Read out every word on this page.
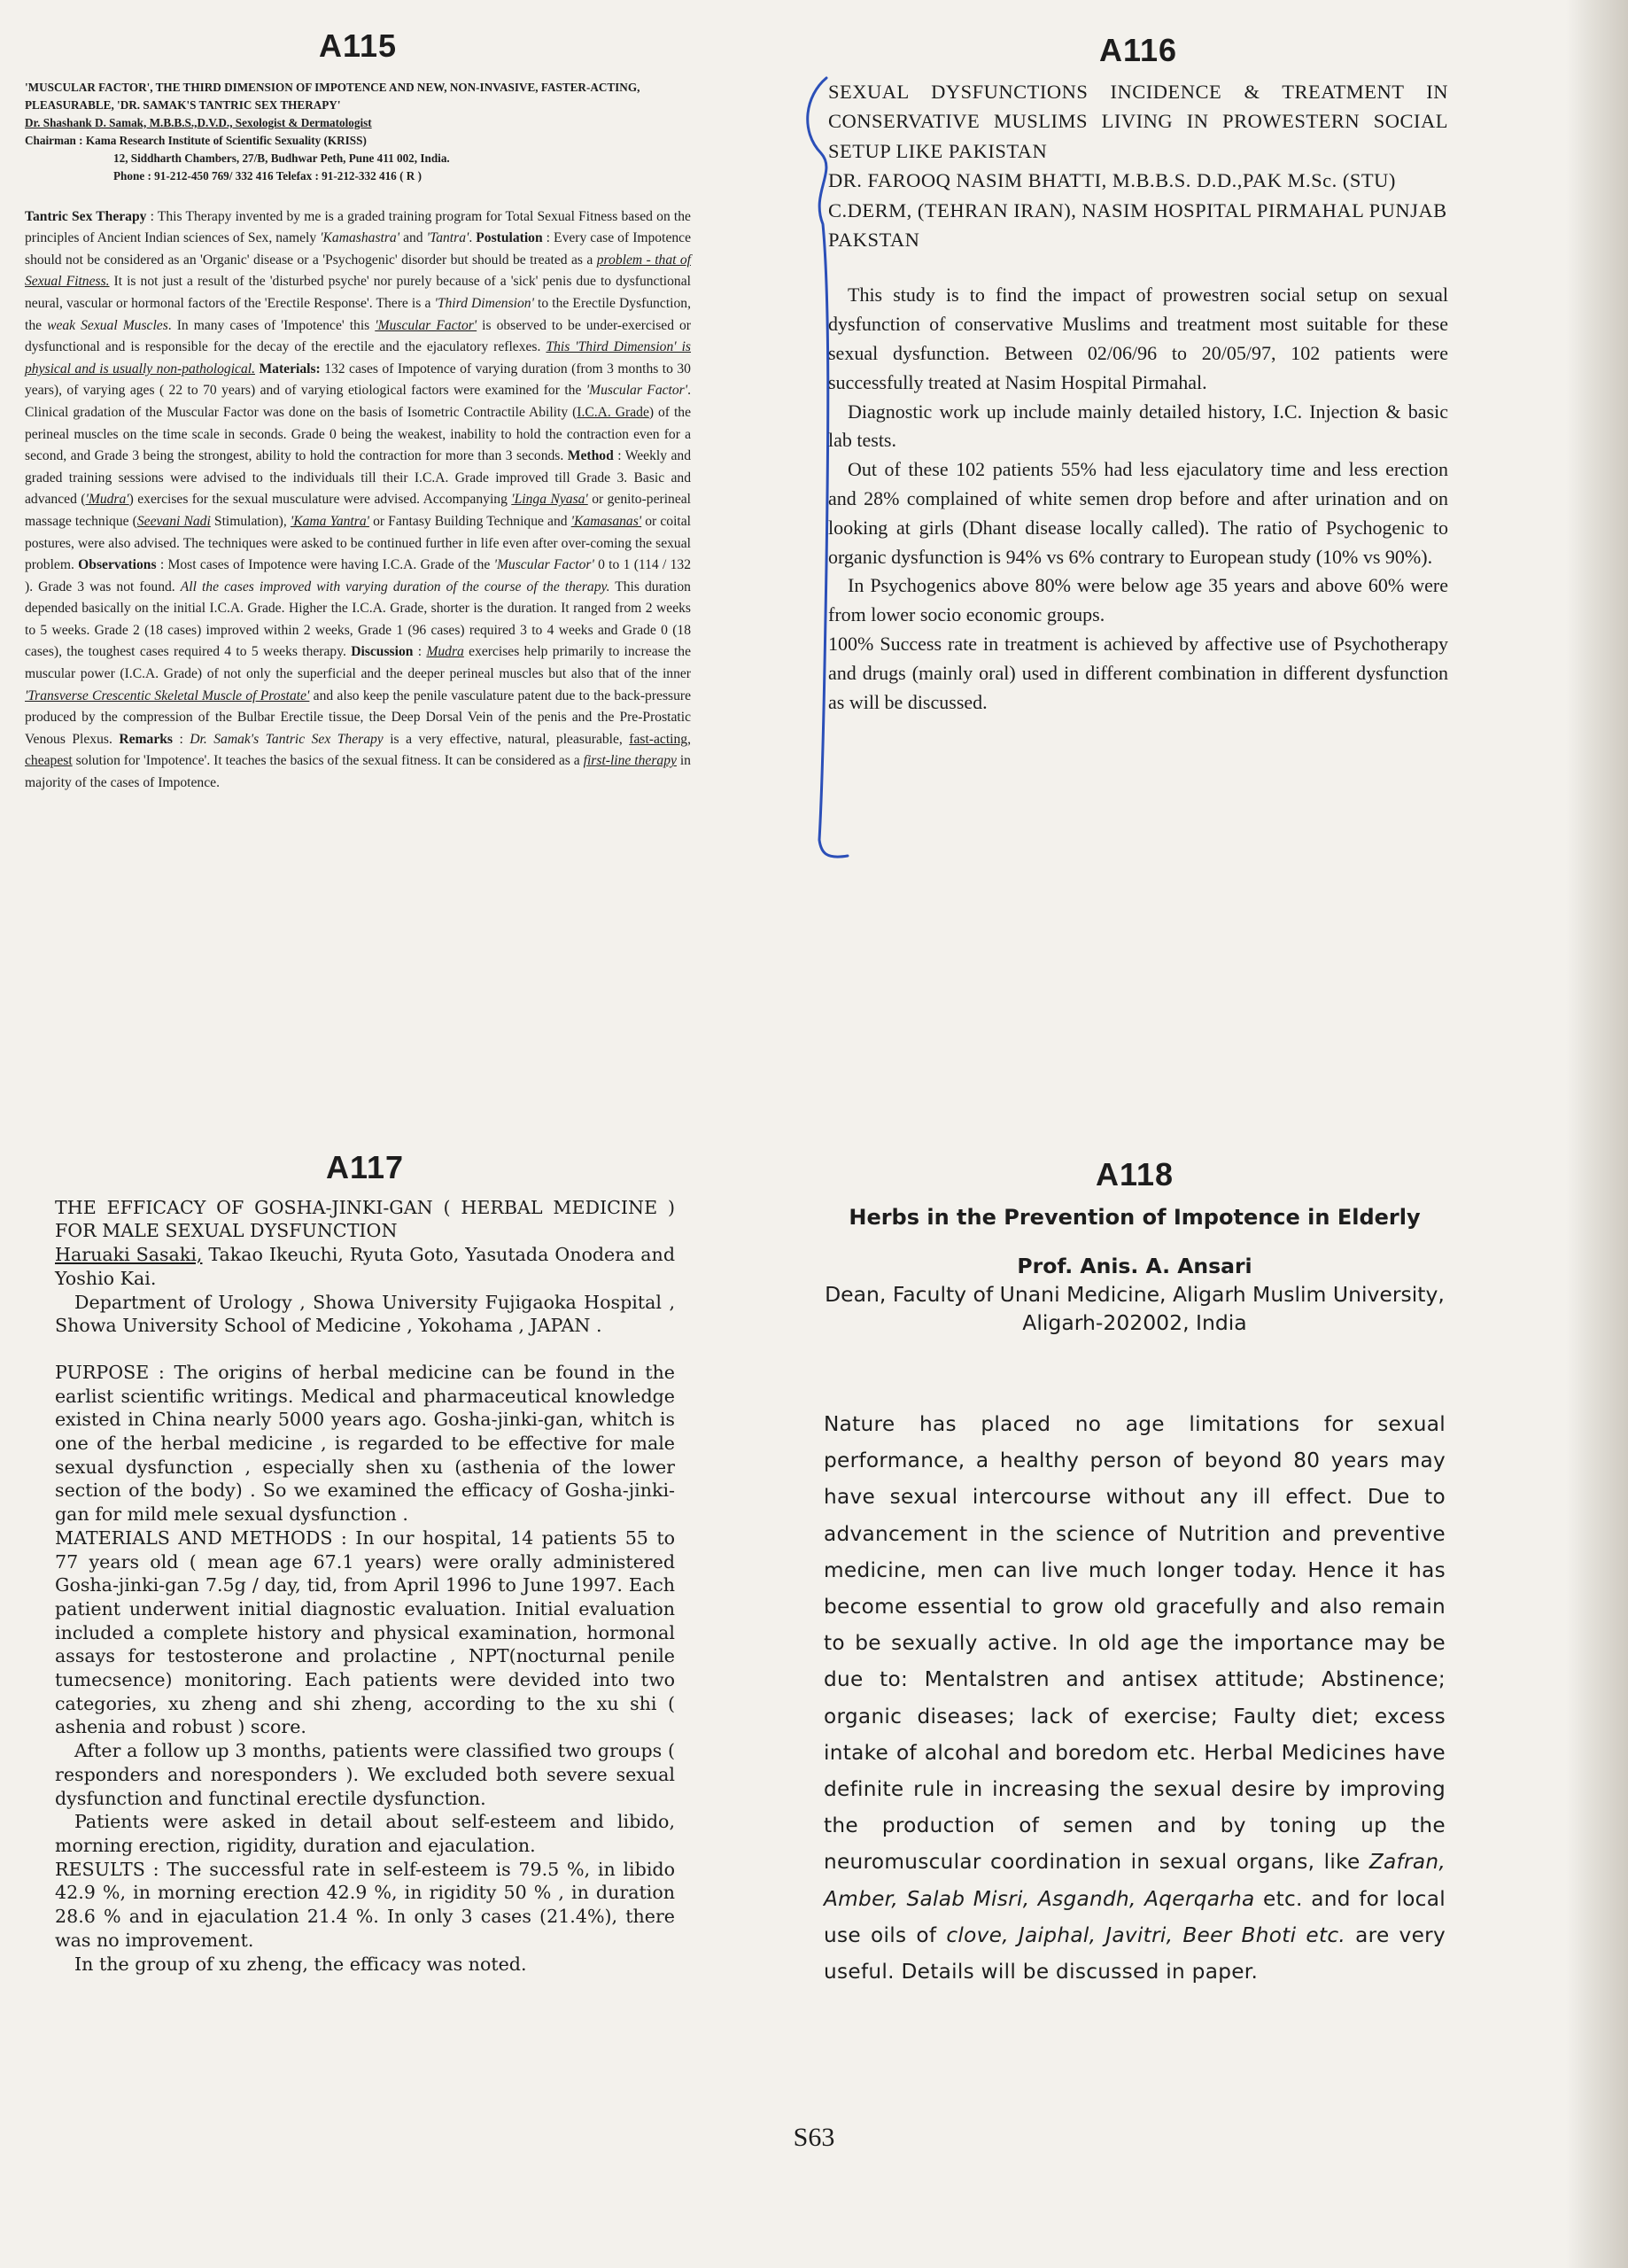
A115

'MUSCULAR FACTOR', THE THIRD DIMENSION OF IMPOTENCE AND NEW, NON-INVASIVE, FASTER-ACTING, PLEASURABLE, 'DR. SAMAK'S TANTRIC SEX THERAPY'

Dr. Shashank D. Samak, M.B.B.S.,D.V.D., Sexologist & Dermatologist
Chairman : Kama Research Institute of Scientific Sexuality (KRISS)
12, Siddharth Chambers, 27/B, Budhwar Peth, Pune 411 002, India.
Phone : 91-212-450 769/ 332 416 Telefax : 91-212-332 416 ( R )
Tantric Sex Therapy : This Therapy invented by me is a graded training program for Total Sexual Fitness based on the principles of Ancient Indian sciences of Sex, namely 'Kamashastra' and 'Tantra'. Postulation : Every case of Impotence should not be considered as an 'Organic' disease or a 'Psychogenic' disorder but should be treated as a problem - that of Sexual Fitness. It is not just a result of the 'disturbed psyche' nor purely because of a 'sick' penis due to dysfunctional neural, vascular or hormonal factors of the 'Erectile Response'. There is a 'Third Dimension' to the Erectile Dysfunction, the weak Sexual Muscles. In many cases of 'Impotence' this 'Muscular Factor' is observed to be under-exercised or dysfunctional and is responsible for the decay of the erectile and the ejaculatory reflexes. This 'Third Dimension' is physical and is usually non-pathological. Materials: 132 cases of Impotence of varying duration (from 3 months to 30 years), of varying ages ( 22 to 70 years) and of varying etiological factors were examined for the 'Muscular Factor'. Clinical gradation of the Muscular Factor was done on the basis of Isometric Contractile Ability (I.C.A. Grade) of the perineal muscles on the time scale in seconds. Grade 0 being the weakest, inability to hold the contraction even for a second, and Grade 3 being the strongest, ability to hold the contraction for more than 3 seconds. Method : Weekly and graded training sessions were advised to the individuals till their I.C.A. Grade improved till Grade 3. Basic and advanced ('Mudra') exercises for the sexual musculature were advised. Accompanying 'Linga Nyasa' or genito-perineal massage technique (Seevani Nadi Stimulation), 'Kama Yantra' or Fantasy Building Technique and 'Kamasanas' or coital postures, were also advised. The techniques were asked to be continued further in life even after over-coming the sexual problem. Observations : Most cases of Impotence were having I.C.A. Grade of the 'Muscular Factor' 0 to 1 (114 / 132 ). Grade 3 was not found. All the cases improved with varying duration of the course of the therapy. This duration depended basically on the initial I.C.A. Grade. Higher the I.C.A. Grade, shorter is the duration. It ranged from 2 weeks to 5 weeks. Grade 2 (18 cases) improved within 2 weeks, Grade 1 (96 cases) required 3 to 4 weeks and Grade 0 (18 cases), the toughest cases required 4 to 5 weeks therapy. Discussion : Mudra exercises help primarily to increase the muscular power (I.C.A. Grade) of not only the superficial and the deeper perineal muscles but also that of the inner 'Transverse Crescentic Skeletal Muscle of Prostate' and also keep the penile vasculature patent due to the back-pressure produced by the compression of the Bulbar Erectile tissue, the Deep Dorsal Vein of the penis and the Pre-Prostatic Venous Plexus. Remarks : Dr. Samak's Tantric Sex Therapy is a very effective, natural, pleasurable, fast-acting, cheapest solution for 'Impotence'. It teaches the basics of the sexual fitness. It can be considered as a first-line therapy in majority of the cases of Impotence.
A116

SEXUAL DYSFUNCTIONS INCIDENCE & TREATMENT IN CONSERVATIVE MUSLIMS LIVING IN PROWESTERN SOCIAL SETUP LIKE PAKISTAN

DR. FAROOQ NASIM BHATTI, M.B.B.S. D.D.,PAK M.Sc. (STU) C.DERM, (TEHRAN IRAN), NASIM HOSPITAL PIRMAHAL PUNJAB PAKSTAN

This study is to find the impact of prowestren social setup on sexual dysfunction of conservative Muslims and treatment most suitable for these sexual dysfunction. Between 02/06/96 to 20/05/97, 102 patients were successfully treated at Nasim Hospital Pirmahal.

Diagnostic work up include mainly detailed history, I.C. Injection & basic lab tests.

Out of these 102 patients 55% had less ejaculatory time and less erection and 28% complained of white semen drop before and after urination and on looking at girls (Dhant disease locally called). The ratio of Psychogenic to organic dysfunction is 94% vs 6% contrary to European study (10% vs 90%).

In Psychogenics above 80% were below age 35 years and above 60% were from lower socio economic groups.

100% Success rate in treatment is achieved by affective use of Psychotherapy and drugs (mainly oral) used in different combination in different dysfunction as will be discussed.

A117

THE EFFICACY OF GOSHA-JINKI-GAN ( HERBAL MEDICINE ) FOR MALE SEXUAL DYSFUNCTION

Haruaki Sasaki, Takao Ikeuchi, Ryuta Goto, Yasutada Onodera and Yoshio Kai.

Department of Urology , Showa University Fujigaoka Hospital , Showa University School of Medicine , Yokohama , JAPAN .

PURPOSE : The origins of herbal medicine can be found in the earlist scientific writings. Medical and pharmaceutical knowledge existed in China nearly 5000 years ago. Gosha-jinki-gan, whitch is one of the herbal medicine , is regarded to be effective for male sexual dysfunction , especially shen xu (asthenia of the lower section of the body) . So we examined the efficacy of Gosha-jinki-gan for mild mele sexual dysfunction .

MATERIALS AND METHODS : In our hospital, 14 patients 55 to 77 years old ( mean age 67.1 years) were orally administered Gosha-jinki-gan 7.5g / day, tid, from April 1996 to June 1997. Each patient underwent initial diagnostic evaluation. Initial evaluation included a complete history and physical examination, hormonal assays for testosterone and prolactine , NPT(nocturnal penile tumecsence) monitoring. Each patients were devided into two categories, xu zheng and shi zheng, according to the xu shi ( ashenia and robust ) score.

After a follow up 3 months, patients were classified two groups ( responders and noresponders ). We excluded both severe sexual dysfunction and functinal erectile dysfunction.

Patients were asked in detail about self-esteem and libido, morning erection, rigidity, duration and ejaculation.

RESULTS : The successful rate in self-esteem is 79.5 %, in libido 42.9 %, in morning erection 42.9 %, in rigidity 50 % , in duration 28.6 % and in ejaculation 21.4 %. In only 3 cases (21.4%), there was no improvement.

In the group of xu zheng, the efficacy was noted.

A118
Herbs in the Prevention of Impotence in Elderly
Prof. Anis. A. Ansari
Dean, Faculty of Unani Medicine, Aligarh Muslim University, Aligarh-202002, India
Nature has placed no age limitations for sexual performance, a healthy person of beyond 80 years may have sexual intercourse without any ill effect. Due to advancement in the science of Nutrition and preventive medicine, men can live much longer today. Hence it has become essential to grow old gracefully and also remain to be sexually active. In old age the importance may be due to: Mentalstren and antisex attitude; Abstinence; organic diseases; lack of exercise; Faulty diet; excess intake of alcohal and boredom etc. Herbal Medicines have definite rule in increasing the sexual desire by improving the production of semen and by toning up the neuromuscular coordination in sexual organs, like Zafran, Amber, Salab Misri, Asgandh, Aqerqarha etc. and for local use oils of clove, Jaiphal, Javitri, Beer Bhoti etc. are very useful. Details will be discussed in paper.
S63
